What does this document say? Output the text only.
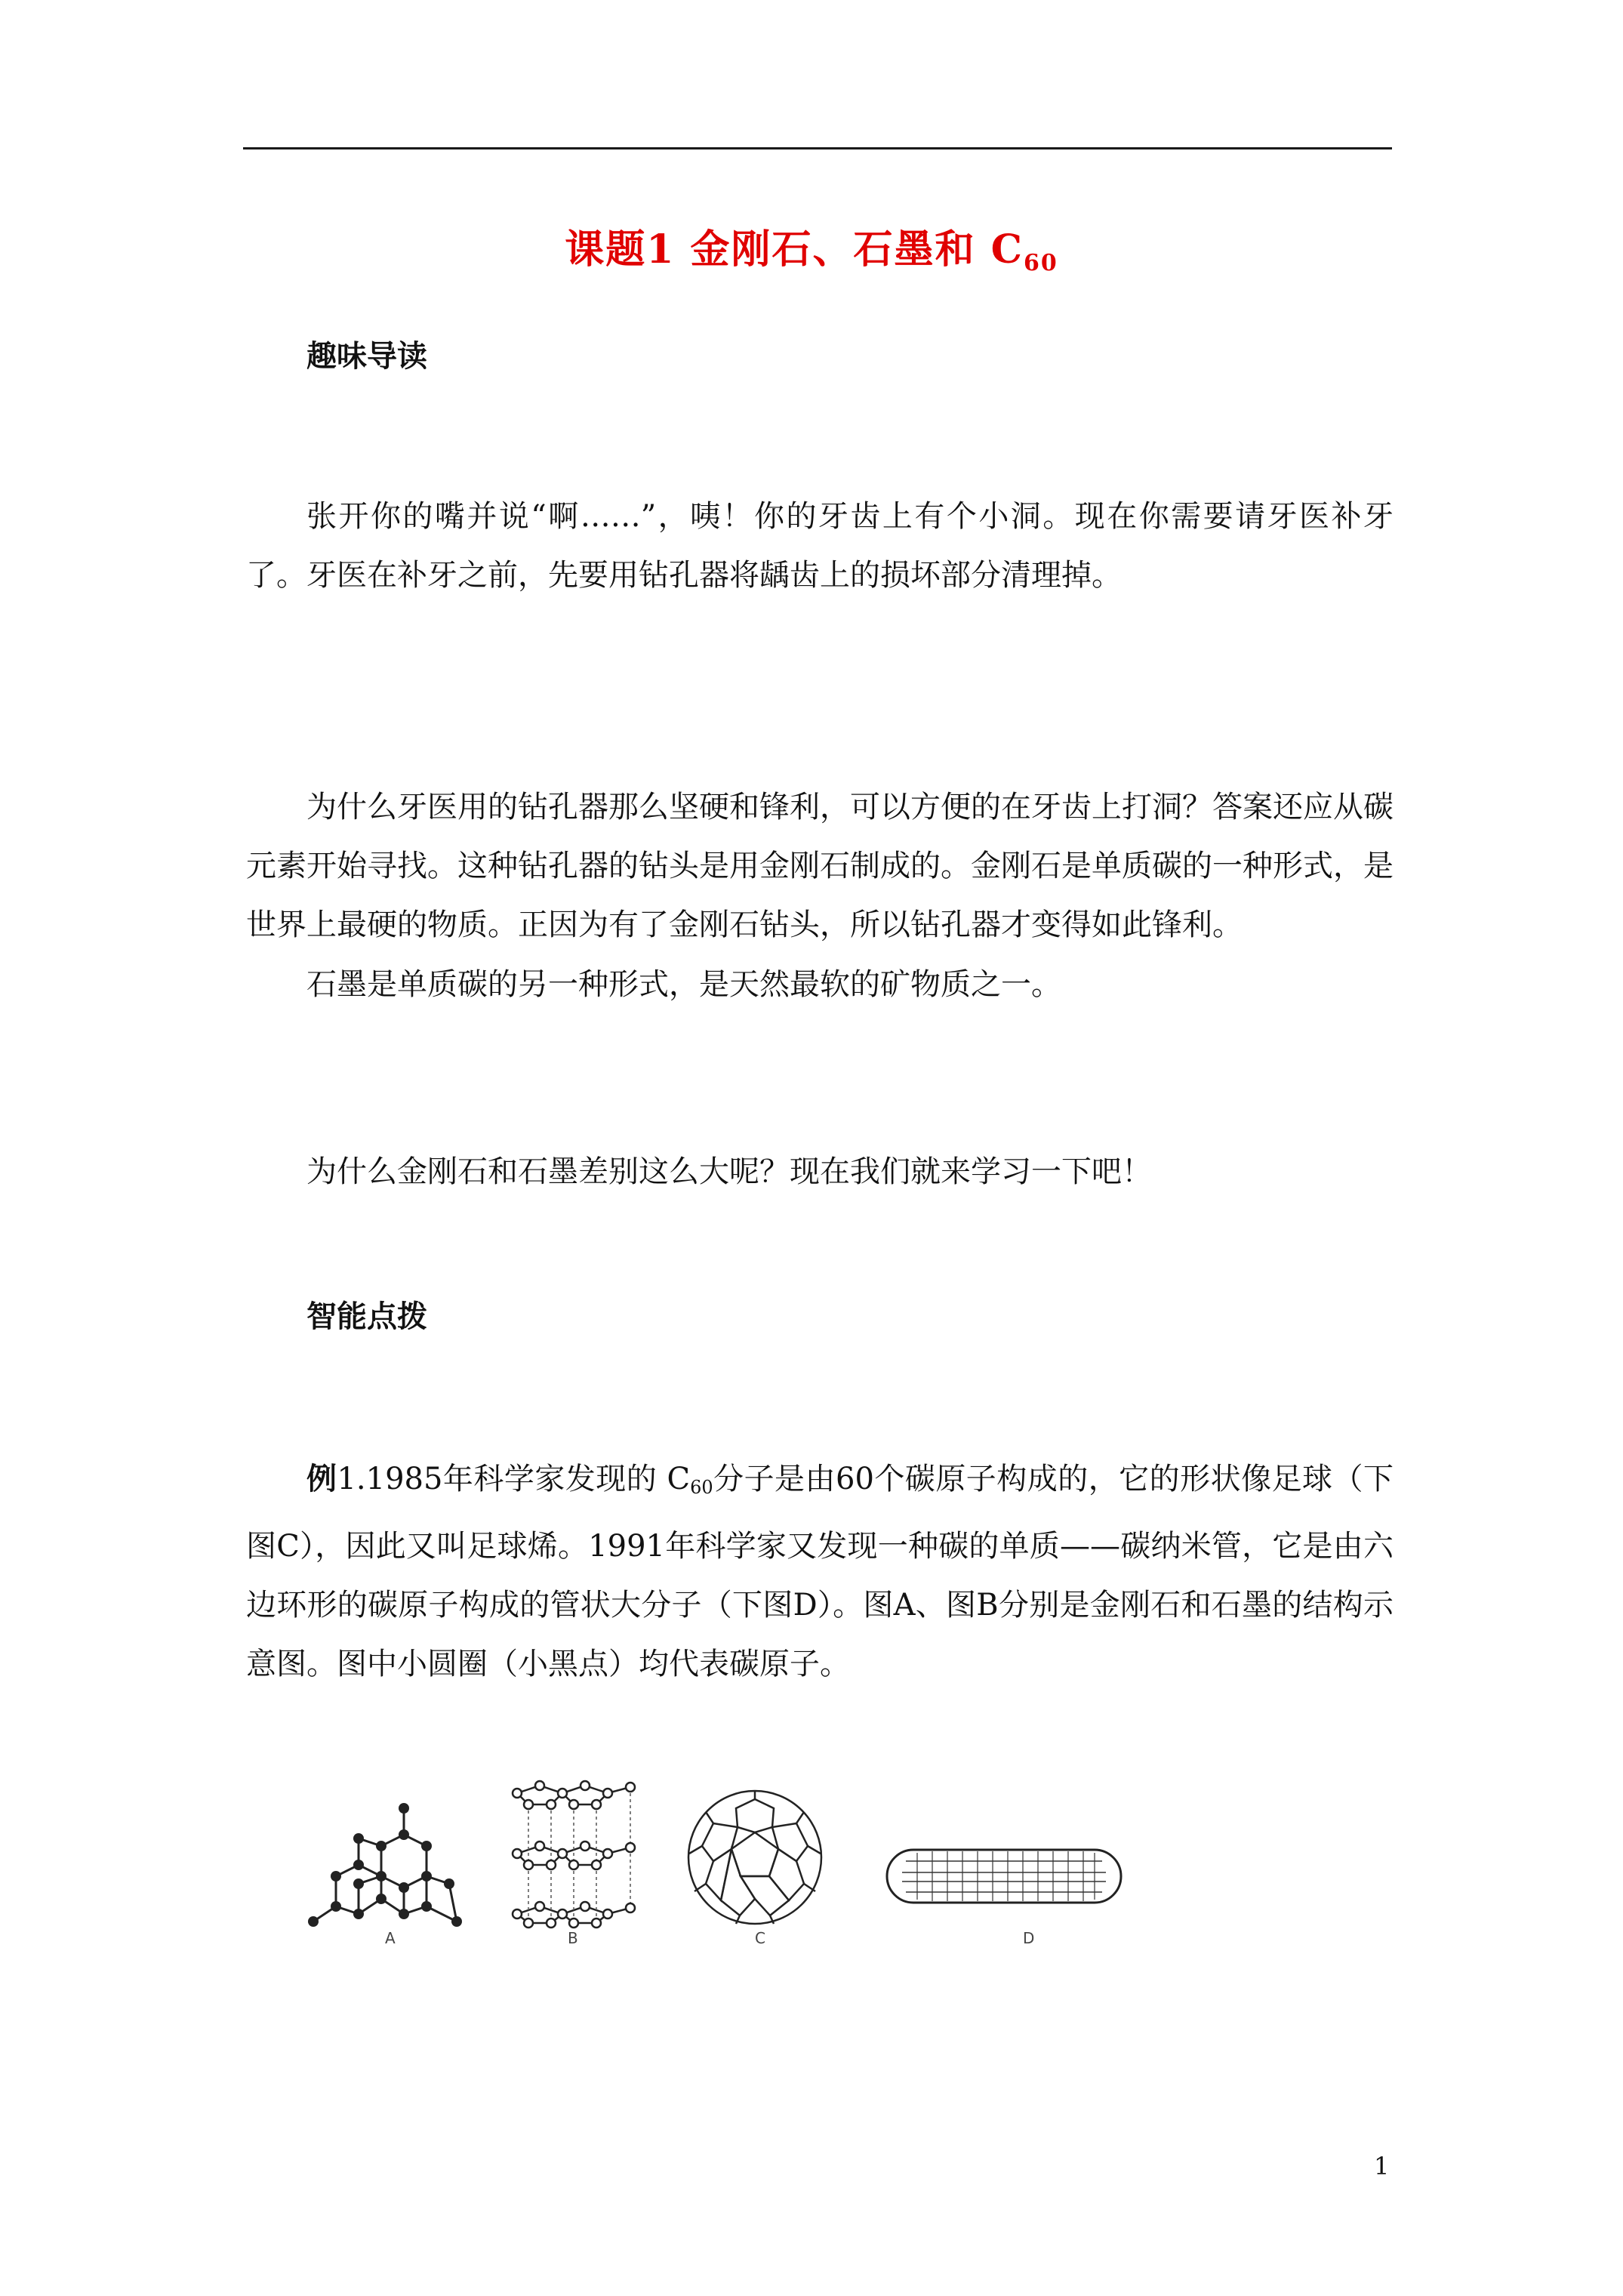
课题1 金刚石、石墨和 $C_{60}$
趣味导读

张开你的嘴并说“啊……”，咦！你的牙齿上有个小洞。现在你需要请牙医补牙了。牙医在补牙之前，先要用钻孔器将龋齿上的损坏部分清理掉。

为什么牙医用的钻孔器那么坚硬和锋利，可以方便的在牙齿上打洞？答案还应从碳元素开始寻找。这种钻孔器的钻头是用金刚石制成的。金刚石是单质碳的一种形式，是世界上最硬的物质。正因为有了金刚石钻头，所以钻孔器才变得如此锋利。

石墨是单质碳的另一种形式，是天然最软的矿物质之一。
为什么金刚石和石墨差别这么大呢？现在我们就来学习一下吧！
智能点拨

例1.1985年科学家发现的 $C_{60}$分子是由60个碳原子构成的，它的形状像足球（下图C），因此又叫足球烯。1991年科学家又发现一种碳的单质——碳纳米管，它是由六边环形的碳原子构成的管状大分子（下图D）。图A、图B分别是金刚石和石墨的结构示意图。图中小圆圈（小黑点）均代表碳原子。

A	B	C	D
1
